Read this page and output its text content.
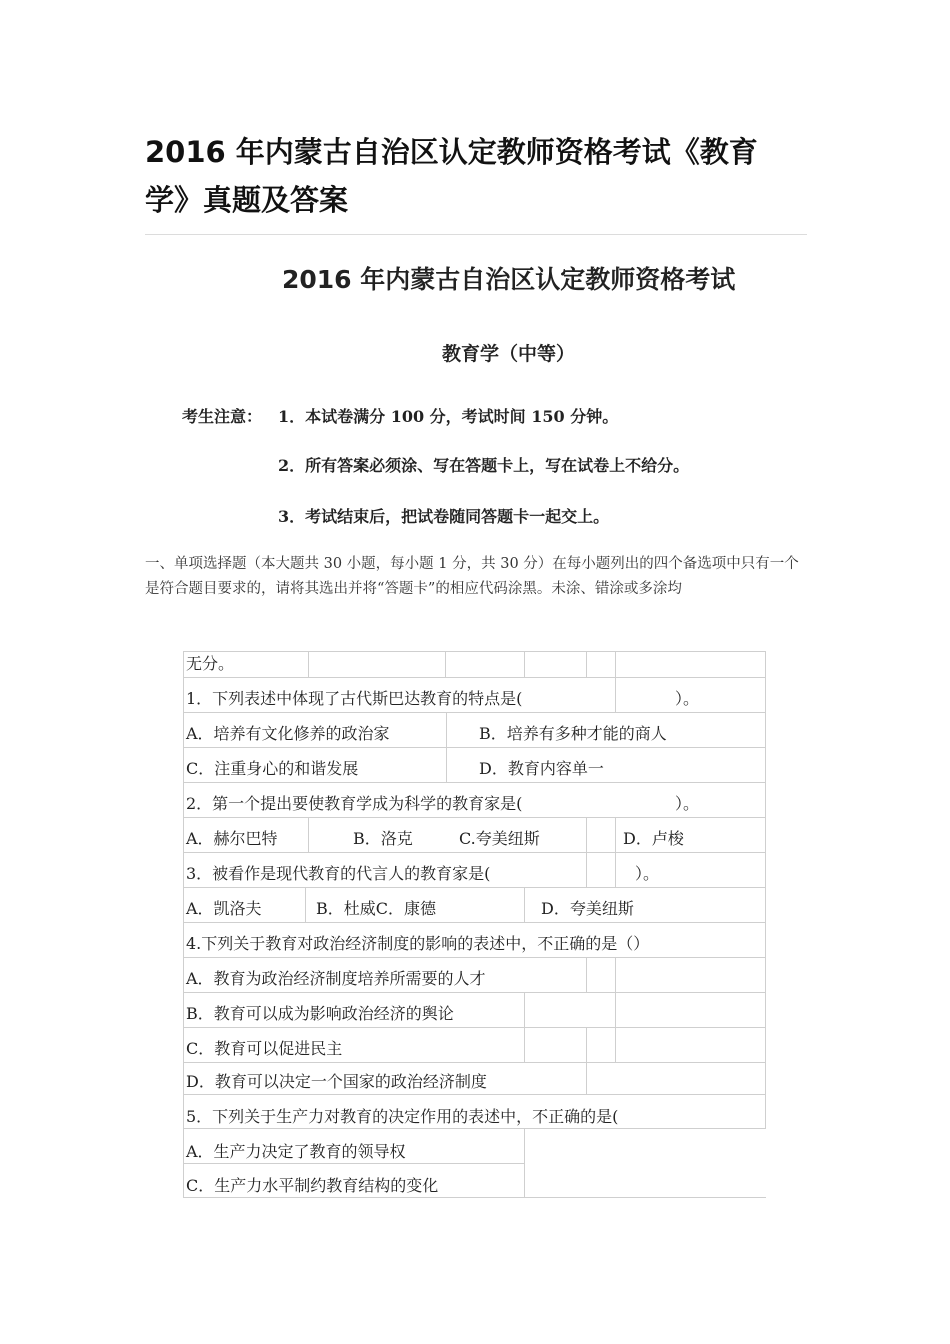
2016 年内蒙古自治区认定教师资格考试《教育学》真题及答案
2016 年内蒙古自治区认定教师资格考试
教育学（中等）
考生注意： 1．本试卷满分 100 分，考试时间 150 分钟。
2．所有答案必须涂、写在答题卡上，写在试卷上不给分。
3．考试结束后，把试卷随同答题卡一起交上。

一、单项选择题（本大题共 30 小题，每小题 1 分，共 30 分）在每小题列出的四个备选项中只有一个是符合题目要求的，请将其选出并将“答题卡”的相应代码涂黑。未涂、错涂或多涂均

无分。
1．下列表述中体现了古代斯巴达教育的特点是(	）。
A．培养有文化修养的政治家	B．培养有多种才能的商人
C．注重身心的和谐发展	D．教育内容单一
2．第一个提出要使教育学成为科学的教育家是(	）。
A．赫尔巴特	B．洛克	C.夸美纽斯	D．卢梭
3．被看作是现代教育的代言人的教育家是(	）。
A．凯洛夫	B．杜威C．康德	D．夸美纽斯
4.下列关于教育对政治经济制度的影响的表述中，不正确的是（）
A．教育为政治经济制度培养所需要的人才
B．教育可以成为影响政治经济的舆论
C．教育可以促进民主
D．教育可以决定一个国家的政治经济制度
5．下列关于生产力对教育的决定作用的表述中，不正确的是(
A．生产力决定了教育的领导权
C．生产力水平制约教育结构的变化
